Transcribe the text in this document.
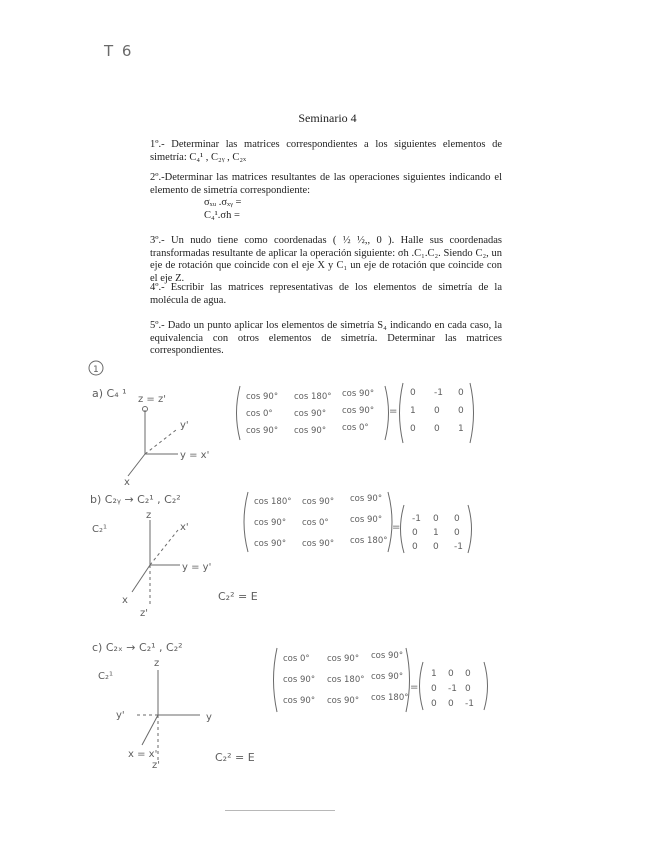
T 6
Seminario 4
1º.- Determinar las matrices correspondientes a los siguientes elementos de simetría: C₄¹ , C₂ᵧ , C₂ₓ
2º.-Determinar las matrices resultantes de las operaciones siguientes indicando el elemento de simetría correspondiente:
σₓᵤ .σₓᵧ =
C₄¹.σh =
3º.- Un nudo tiene como coordenadas ( ½ ½,, 0 ). Halle sus coordenadas transformadas resultante de aplicar la operación siguiente: σh .C₁.C₂. Siendo C₂, un eje de rotación que coincide con el eje X y C₁ un eje de rotación que coincide con el eje Z.
4º.- Escribir las matrices representativas de los elementos de simetría de la molécula de agua.
5º.- Dado un punto aplicar los elementos de simetría S₄ indicando en cada caso, la equivalencia con otros elementos de simetría. Determinar las matrices correspondientes.
1
a) C₄ ¹ z = z'
y'
y = x'
x
b) C₂ᵧ → C₂¹ , C₂²
C₂¹
z
x'
y = y'
x
z'
C₂² = E
c) C₂ₓ → C₂¹ , C₂²
C₂¹
z
y'	y
x = x'
z'
C₂² = E
cos 90° cos 180° cos 90°
cos 0°	cos 90° cos 90°
cos 90° cos 90° cos 0°
0 -1 0
1 0 0
0 0 1
cos 180° cos 90° cos 90°
cos 90° cos 0°	cos 90°
cos 90° cos 90° cos 180°
-1 0 0
0 1 0
0 0 -1
cos 0° cos 90° cos 90°
cos 90° cos 180° cos 90°
cos 90° cos 90° cos 180°
1 0 0
0 -1 0
0 0 -1
=
=
=
